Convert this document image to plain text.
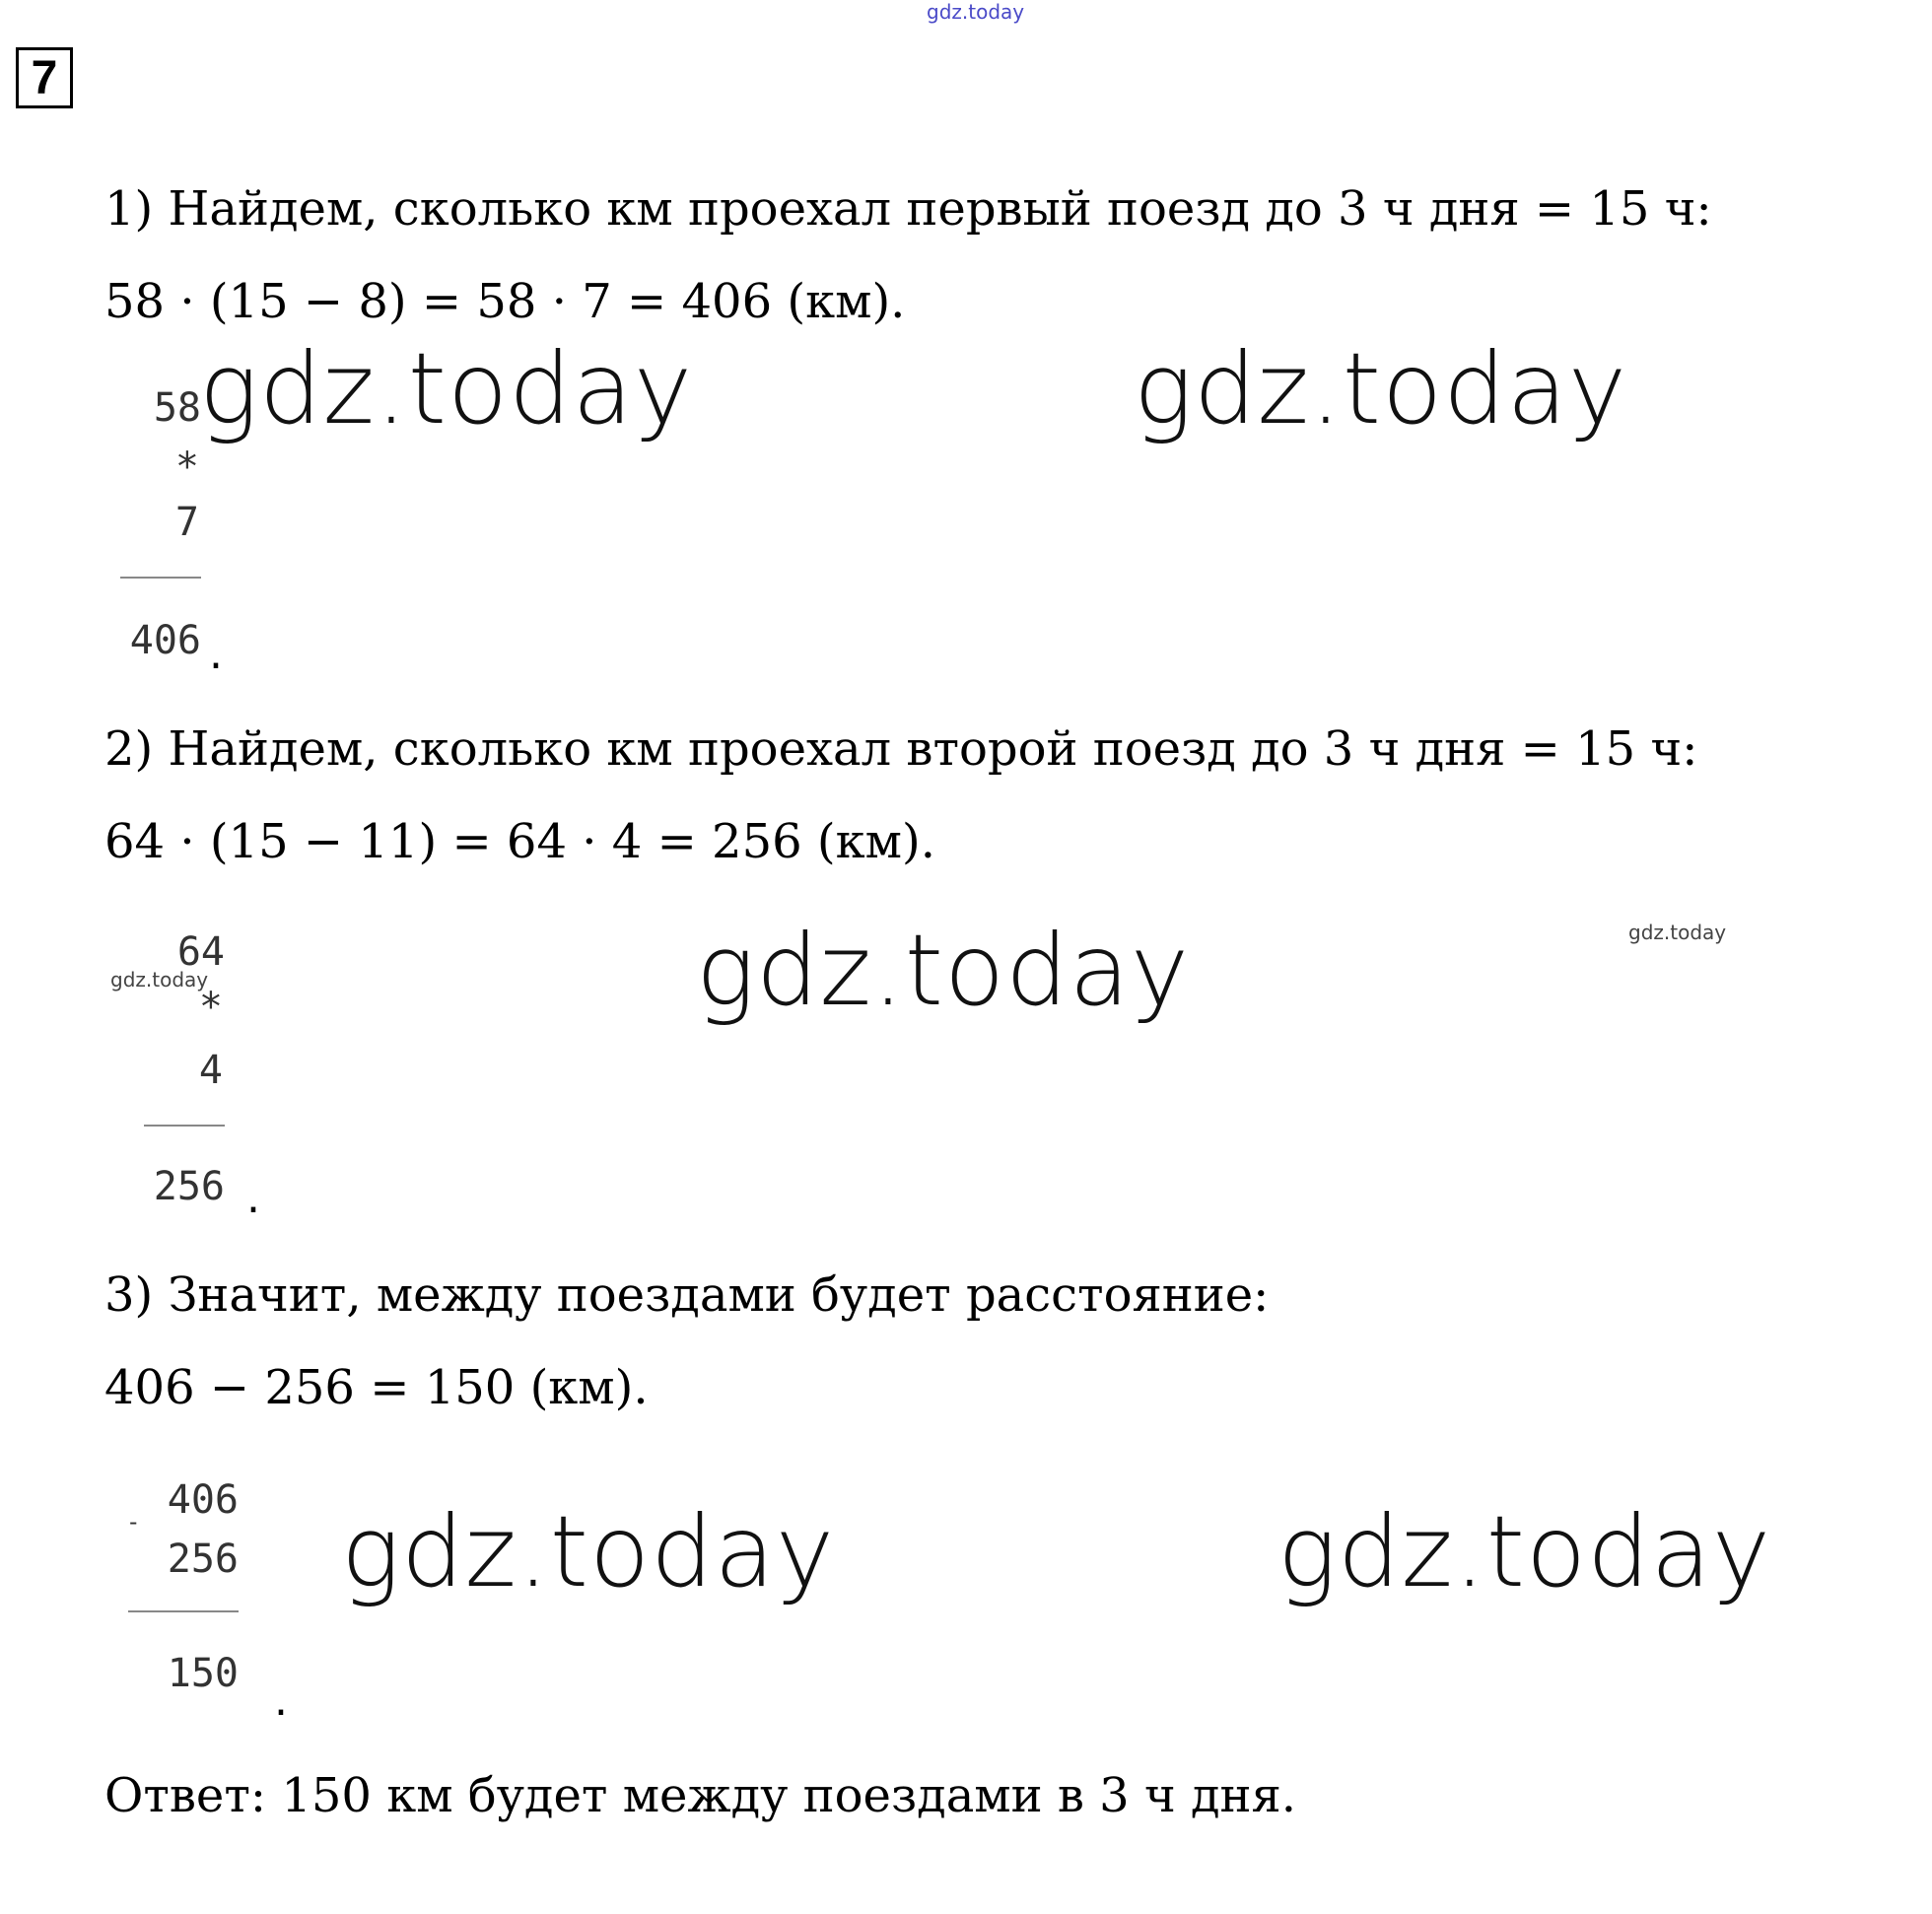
gdz.today
7
1) Найдем, сколько км проехал первый поезд до 3 ч дня = 15 ч:
58 · (15 − 8) = 58 · 7 = 406 (км).
58
*
7
406 .
2) Найдем, сколько км проехал второй поезд до 3 ч дня = 15 ч:
64 · (15 − 11) = 64 · 4 = 256 (км).
64
*
4
256 .
3) Значит, между поездами будет расстояние:
406 − 256 = 150 (км).
406
-
256
150
.
Ответ: 150 км будет между поездами в 3 ч дня.
gdz.today	gdz.today
gdz.today	gdz.today
gdz.today
gdz.today	gdz.today
